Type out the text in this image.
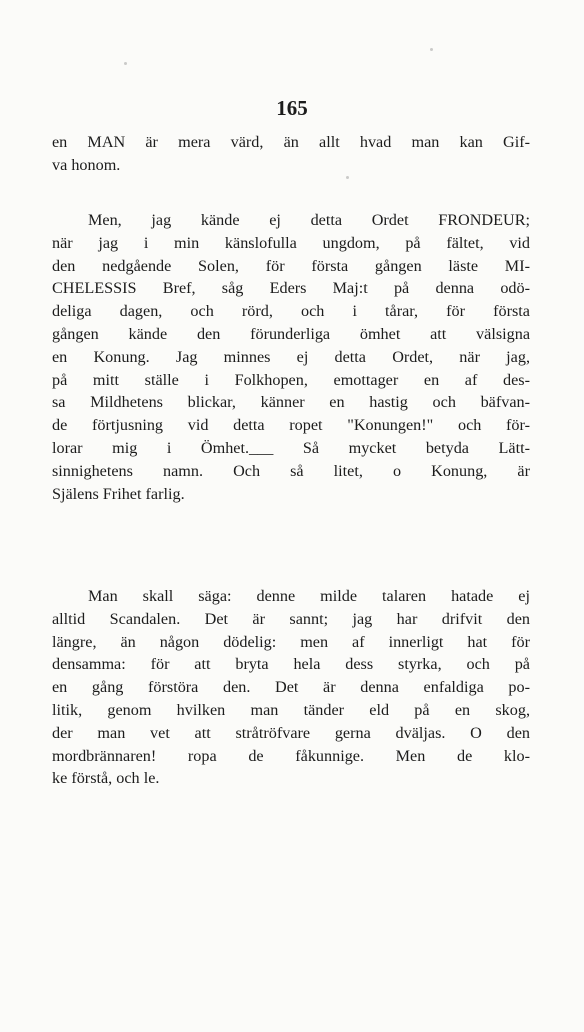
165
en MAN är mera värd, än allt hvad man kan Gif-
va honom.
Men, jag kände ej detta Ordet FRONDEUR;
när jag i min känslofulla ungdom, på fältet, vid
den nedgående Solen, för första gången läste MI-
CHELESSIS Bref, såg Eders Maj:t på denna odö-
deliga dagen, och rörd, och i tårar, för första
gången kände den förunderliga ömhet att välsigna
en Konung. Jag minnes ej detta Ordet, när jag,
på mitt ställe i Folkhopen, emottager en af des-
sa Mildhetens blickar, känner en hastig och bäfvan-
de förtjusning vid detta ropet "Konungen!" och för-
lorar mig i Ömhet.___ Så mycket betyda Lätt-
sinnighetens namn. Och så litet, o Konung, är
Själens Frihet farlig.
Man skall säga: denne milde talaren hatade ej
alltid Scandalen. Det är sannt; jag har drifvit den
längre, än någon dödelig: men af innerligt hat för
densamma: för att bryta hela dess styrka, och på
en gång förstöra den. Det är denna enfaldiga po-
litik, genom hvilken man tänder eld på en skog,
der man vet att stråtröfvare gerna dväljas. O den
mordbrännaren! ropa de fåkunnige. Men de klo-
ke förstå, och le.
